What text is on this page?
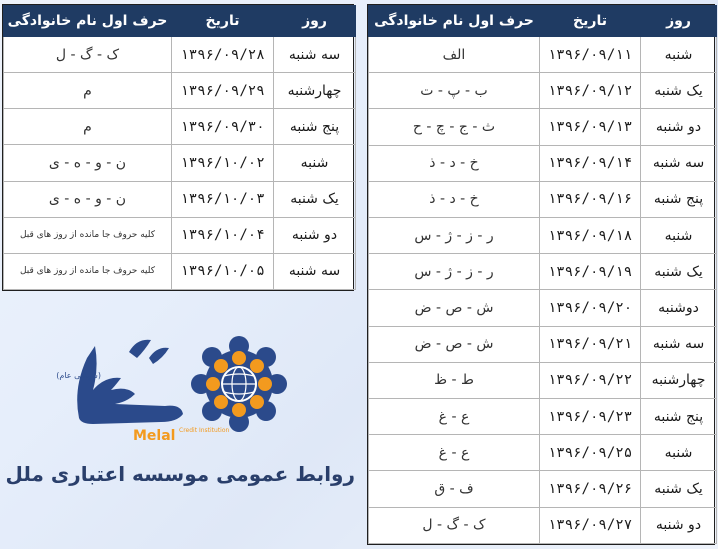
روز	تاریخ	حرف اول نام خانوادگی
شنبه	۱۳۹۶/۰۹/۱۱	الف
یک شنبه	۱۳۹۶/۰۹/۱۲	ب - پ - ت
دو شنبه	۱۳۹۶/۰۹/۱۳	ث - ج - چ - ح
سه شنبه	۱۳۹۶/۰۹/۱۴	خ - د - ذ
پنج شنبه	۱۳۹۶/۰۹/۱۶	خ - د - ذ
شنبه	۱۳۹۶/۰۹/۱۸	ر - ز - ژ - س
یک شنبه	۱۳۹۶/۰۹/۱۹	ر - ز - ژ - س
دوشنبه	۱۳۹۶/۰۹/۲۰	ش - ص - ض
سه شنبه	۱۳۹۶/۰۹/۲۱	ش - ص - ض
چهارشنبه	۱۳۹۶/۰۹/۲۲	ط - ظ
پنج شنبه	۱۳۹۶/۰۹/۲۳	ع - غ
شنبه	۱۳۹۶/۰۹/۲۵	ع - غ
یک شنبه	۱۳۹۶/۰۹/۲۶	ف - ق
دو شنبه	۱۳۹۶/۰۹/۲۷	ک - گ - ل
روز	تاریخ	حرف اول نام خانوادگی
سه شنبه	۱۳۹۶/۰۹/۲۸	ک - گ - ل
چهارشنبه	۱۳۹۶/۰۹/۲۹	م
پنج شنبه	۱۳۹۶/۰۹/۳۰	م
شنبه	۱۳۹۶/۱۰/۰۲	ن - و - ه - ی
یک شنبه	۱۳۹۶/۱۰/۰۳	ن - و - ه - ی
دو شنبه	۱۳۹۶/۱۰/۰۴	کلیه حروف جا مانده از روز های قبل
سه شنبه	۱۳۹۶/۱۰/۰۵	کلیه حروف جا مانده از روز های قبل
(سهامی عام)
Melal Credit Institution
روابط عمومی موسسه اعتباری ملل
